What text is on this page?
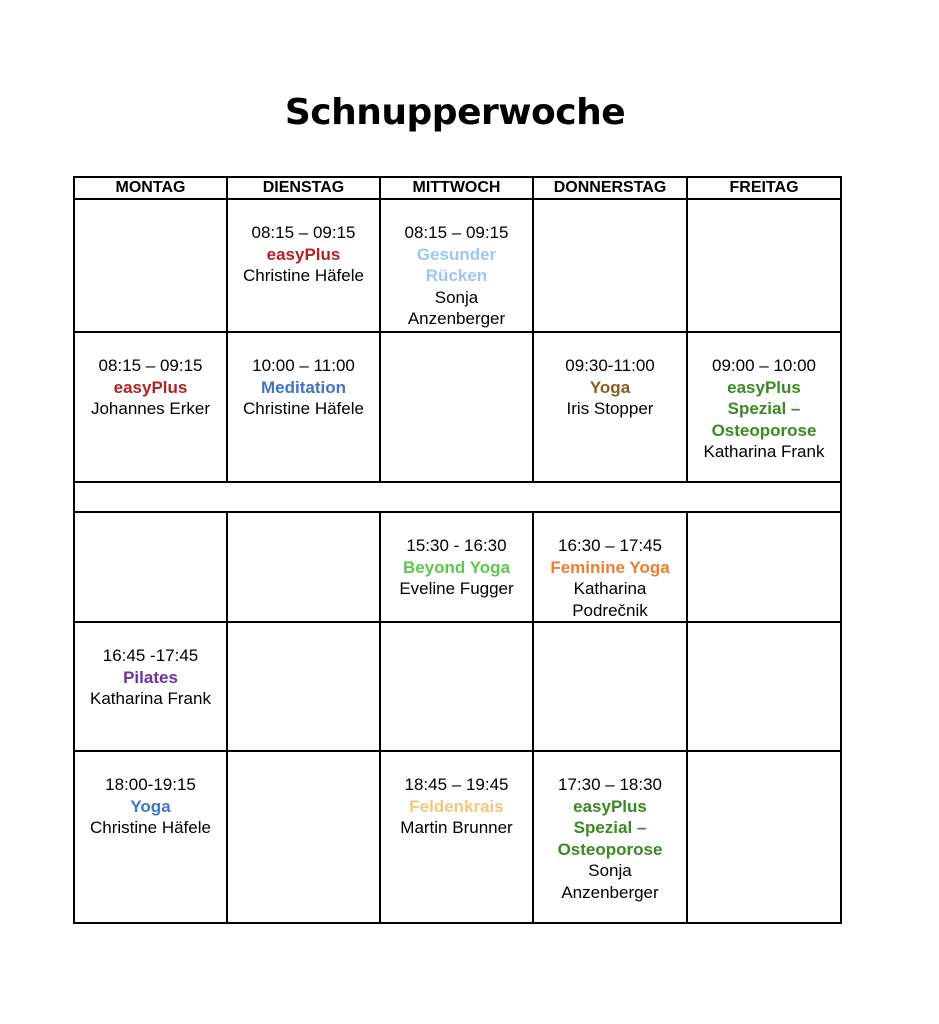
Schnupperwoche
MONTAG	DIENSTAG	MITTWOCH	DONNERSTAG	FREITAG

	08:15 – 09:15
easyPlus
Christine Häfele	08:15 – 09:15
Gesunder Rücken
Sonja Anzenberger		

08:15 – 09:15
easyPlus
Johannes Erker	10:00 – 11:00
Meditation
Christine Häfele		09:30-11:00
Yoga
Iris Stopper	09:00 – 10:00
easyPlus Spezial – Osteoporose
Katharina Frank

		15:30 - 16:30
Beyond Yoga
Eveline Fugger	16:30 – 17:45
Feminine Yoga
Katharina Podrečnik	

16:45 -17:45
Pilates
Katharina Frank				

18:00-19:15
Yoga
Christine Häfele		18:45 – 19:45
Feldenkrais
Martin Brunner	17:30 – 18:30
easyPlus Spezial – Osteoporose
Sonja Anzenberger	
